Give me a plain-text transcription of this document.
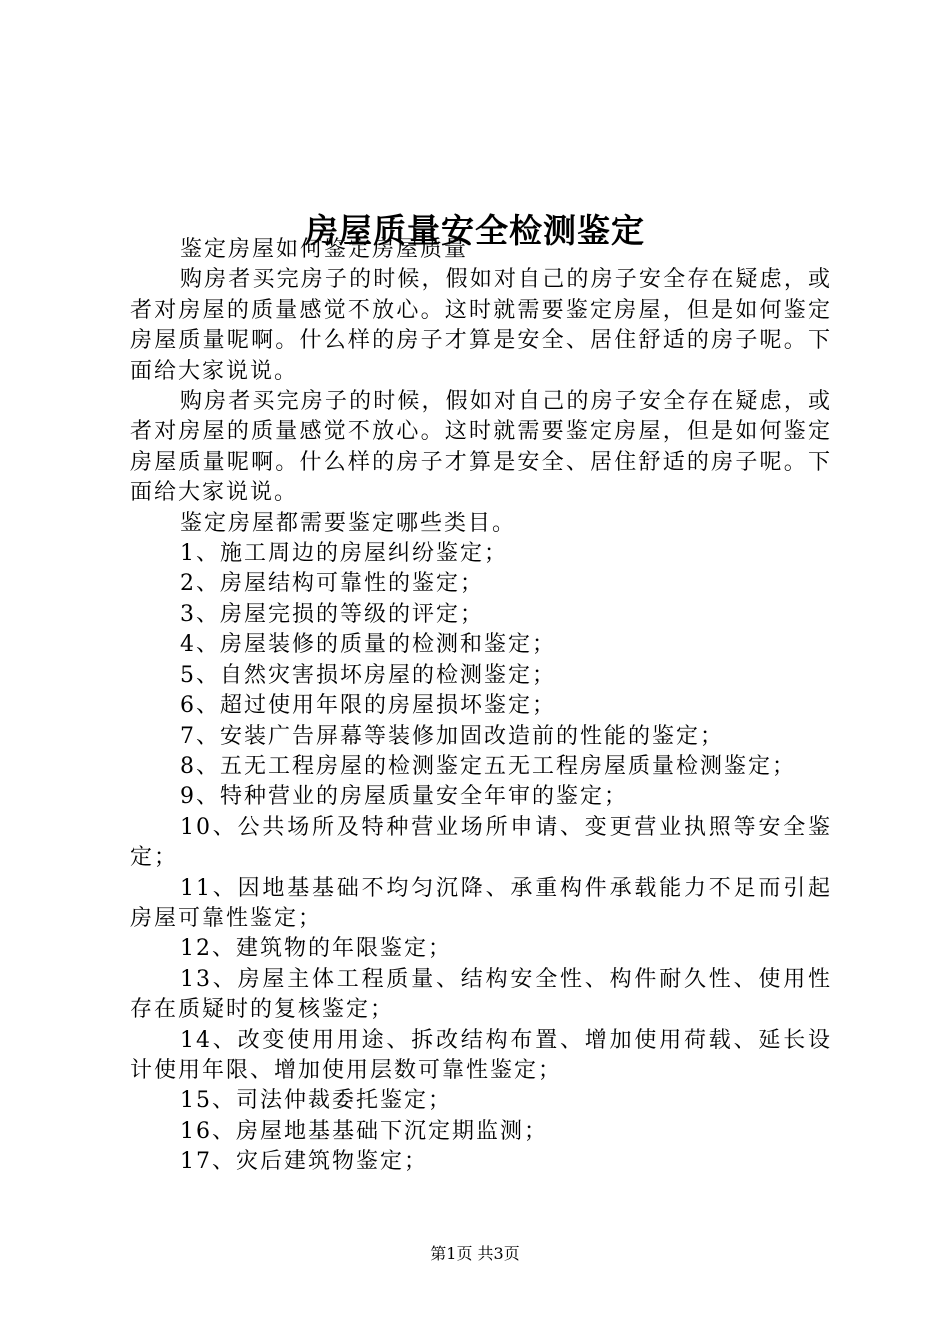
房屋质量安全检测鉴定

鉴定房屋如何鉴定房屋质量

购房者买完房子的时候，假如对自己的房子安全存在疑虑，或者对房屋的质量感觉不放心。这时就需要鉴定房屋，但是如何鉴定房屋质量呢啊。什么样的房子才算是安全、居住舒适的房子呢。下面给大家说说。

购房者买完房子的时候，假如对自己的房子安全存在疑虑，或者对房屋的质量感觉不放心。这时就需要鉴定房屋，但是如何鉴定房屋质量呢啊。什么样的房子才算是安全、居住舒适的房子呢。下面给大家说说。

鉴定房屋都需要鉴定哪些类目。

1、施工周边的房屋纠纷鉴定；

2、房屋结构可靠性的鉴定；

3、房屋完损的等级的评定；

4、房屋装修的质量的检测和鉴定；

5、自然灾害损坏房屋的检测鉴定；

6、超过使用年限的房屋损坏鉴定；

7、安装广告屏幕等装修加固改造前的性能的鉴定；

8、五无工程房屋的检测鉴定五无工程房屋质量检测鉴定；

9、特种营业的房屋质量安全年审的鉴定；

10、公共场所及特种营业场所申请、变更营业执照等安全鉴定；

11、因地基基础不均匀沉降、承重构件承载能力不足而引起房屋可靠性鉴定；

12、建筑物的年限鉴定；

13、房屋主体工程质量、结构安全性、构件耐久性、使用性存在质疑时的复核鉴定；

14、改变使用用途、拆改结构布置、增加使用荷载、延长设计使用年限、增加使用层数可靠性鉴定；

15、司法仲裁委托鉴定；

16、房屋地基基础下沉定期监测；

17、灾后建筑物鉴定；

第1页 共3页
